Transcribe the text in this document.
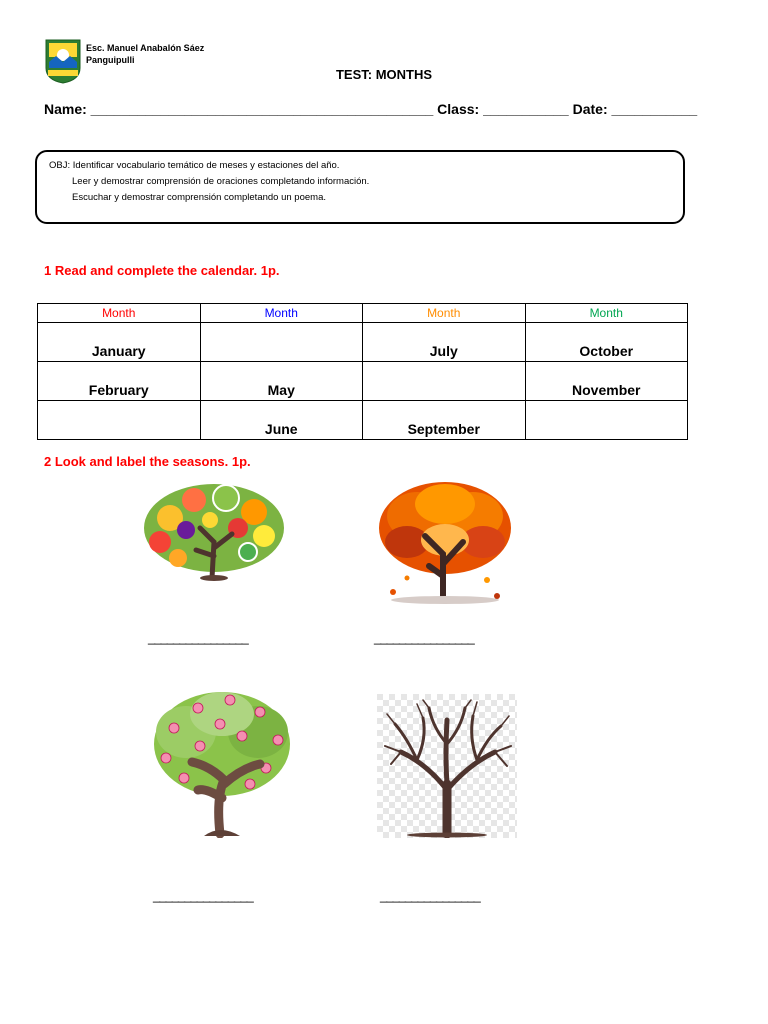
Esc. Manuel Anabalón Sáez
Panguipulli
TEST: MONTHS
Name: ____________________________________________ Class: ___________ Date: ___________
OBJ: Identificar vocabulario temático de meses y estaciones del año.
Leer y demostrar comprensión de oraciones completando información.
Escuchar y demostrar comprensión completando un poema.
1 Read and complete the calendar. 1p.
Month	Month	Month	Month
January		July	October
February	May		November
	June	September	
2 Look and label the seasons. 1p.
________________	________________
________________	________________
